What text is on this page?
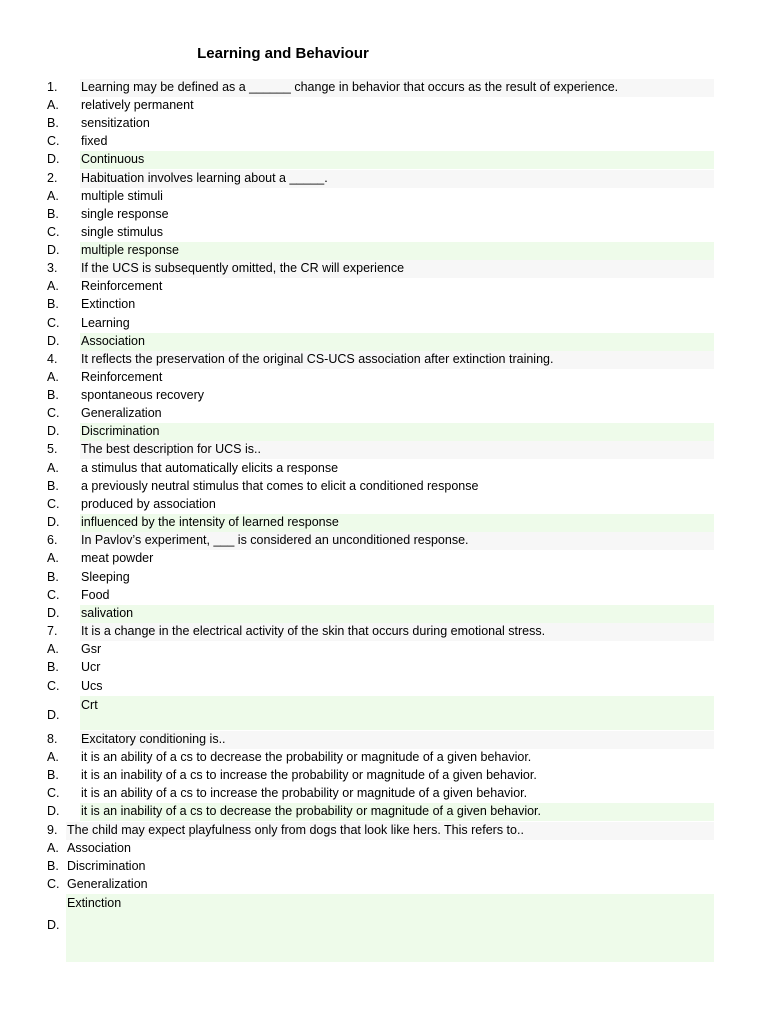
Learning and Behaviour
1. Learning may be defined as a ______ change in behavior that occurs as the result of experience.
A. relatively permanent
B. sensitization
C. fixed
D. Continuous
2. Habituation involves learning about a _____.
A. multiple stimuli
B. single response
C. single stimulus
D. multiple response
3. If the UCS is subsequently omitted, the CR will experience
A. Reinforcement
B. Extinction
C. Learning
D. Association
4. It reflects the preservation of the original CS-UCS association after extinction training.
A. Reinforcement
B. spontaneous recovery
C. Generalization
D. Discrimination
5. The best description for UCS is..
A. a stimulus that automatically elicits a response
B. a previously neutral stimulus that comes to elicit a conditioned response
C. produced by association
D. influenced by the intensity of learned response
6. In Pavlov’s experiment, ___ is considered an unconditioned response.
A. meat powder
B. Sleeping
C. Food
D. salivation
7. It is a change in the electrical activity of the skin that occurs during emotional stress.
A. Gsr
B. Ucr
C. Ucs
D.
Crt
8. Excitatory conditioning is..
A. it is an ability of a cs to decrease the probability or magnitude of a given behavior.
B. it is an inability of a cs to increase the probability or magnitude of a given behavior.
C. it is an ability of a cs to increase the probability or magnitude of a given behavior.
D. it is an inability of a cs to decrease the probability or magnitude of a given behavior.
9. The child may expect playfulness only from dogs that look like hers. This refers to..
A. Association
B. Discrimination
C. Generalization
D.
Extinction
